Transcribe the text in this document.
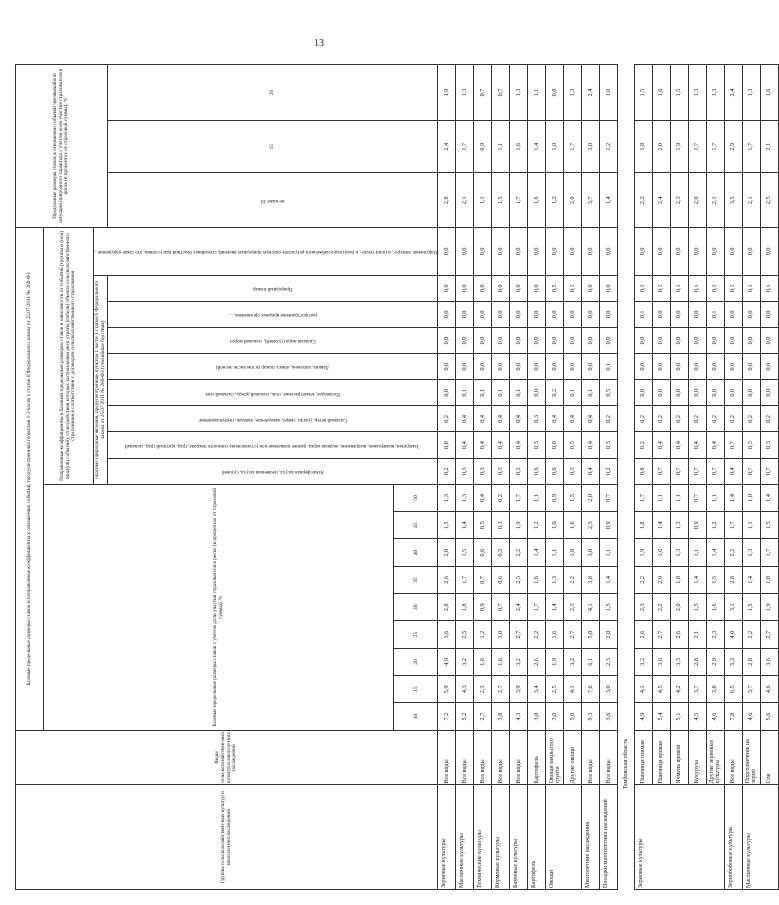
13
Группы сельскохозяйствен-ных культур и многолетних насаждений	Виды сельскохозяйствен-ных культур и многолетних насаждений	Базовые предельные размеры ставок и поправочные коэффициенты к отношению событий, предусмотренных пунктами 1-3 части 1 статьи 8 Федерального закона от 25.07.2011 № 260-ФЗ																		Предельные размеры ставок в отношении событий чрезвычайной ситуации природного характера с учетом доли участия страхователя в риске (в процентах от страховой суммы), %		
		Базовые предельные размеры ставок с учетом доли участия страхователя в риске (в процентах от страховой суммы), %									Поправочные коэффициенты к базовым предельным размерам ставок в зависимости от событий (группы и (или) вида(ов) событий), от воздействия которых застрахованы риск утраты (гибели) объекта сельскохозяйственного страхования в соответствии с договором сельскохозяйственного страхования											
											опасные природные явления, предусмотренные пунктом 1 части 1 статьи 8 Федерального закона от 25.07.2011 № 260-ФЗ (стихийные бедствия)								Нарушение электро-, и (или) тепло-, и (или) водоснабжения в результате опасных природных явлений, стихийных бедствий при условии, что такое нарушение...			

											Атмосферная засуха, почвенная засуха, суховей	Заморозки, вымерзание, выпревание, ледяная корка, раннее появление или установление снежного покрова, град, крупный град, сильный	Сильный ветер, ураган, смерч, наводнение, паводок, переувлажнение	Половодье, землетрясение, сель, сильный дождь, сильный снег	Лавина, оползень, обвал, пожар (в том числе лесной)	Сильная жара (суховей), сильный мороз	распространение вредных организмов, ...	Природный пожар		не ниже 10	15	20

		10	15	20	25	30	35	40	45	50												
Зерновые культуры	Все виды	7,2	5,9	4,9	3,6	2,8	2,6	2,0	1,5	1,3	0,2	0,8	0,2	0,0	0,0	0,0	0,0	0,0	0,0	2,8	2,4	1,9
Масличные культуры	Все виды	5,2	4,3	3,2	2,5	1,8	1,7	1,5	1,4	1,3	0,3	0,4	0,4	0,1	0,0	0,0	0,0	0,0	0,0	2,1	1,7	1,3
Технические культуры	Все виды	2,7	2,3	1,6	1,2	0,9	0,7	0,6	0,5	0,4	0,3	0,4	0,4	0,1	0,0	0,0	0,0	0,0	0,0	1,1	0,9	0,7
Кормовые культуры	Все виды	3,8	2,7	1,6	1,0	0,7	0,6	0,5	0,3	0,2	0,3	0,4	0,4	0,1	0,0	0,0	0,0	0,0	0,0	1,5	1,1	0,7
Бахчевые культуры	Все виды	4,3	3,9	3,2	2,7	2,4	2,3	2,2	1,9	1,7	0,3	0,4	0,4	0,1	0,0	0,0	0,0	0,0	0,0	1,7	1,6	1,3
Картофель	Картофель	3,0	3,4	2,6	2,2	1,7	1,6	1,4	1,2	1,1	0,6	0,3	0,3	0,0	0,0	0,0	0,0	0,0	0,0	1,6	1,4	1,1
Овощи	Овощи закрытого грунта	3,0	2,5	1,9	1,6	1,4	1,3	1,1	1,0	0,9	0,0	0,0	0,4	0,2	0,0	0,0	0,0	0,5	0,0	1,2	1,0	0,8
	Другие овощи	5,0	4,1	3,2	2,7	2,3	2,2	1,8	1,6	1,5	0,3	0,5	0,4	0,1	0,0	0,0	0,0	0,1	0,0	2,0	1,7	1,3
Многолетние насаждения	Все виды	9,3	7,6	6,1	5,0	4,1	3,8	3,0	2,3	2,0	0,4	0,4	0,4	0,1	0,0	0,0	0,0	0,0	0,0	3,7	3,0	2,4
Посадки многолетних насаждений	Все виды	3,6	3,0	2,3	2,0	1,5	1,4	1,1	0,9	0,7	0,2	0,3	0,2	0,5	0,1	0,0	0,0	0,0	0,0	1,4	1,2	1,0
Тамбовская область																						
Зерновые культуры	Пшеница озимая	4,9	4,1	3,2	2,6	2,3	2,2	1,9	1,8	1,7	0,8	0,2	0,2	0,0	0,0	0,0	0,1	0,1	0,0	2,2	1,8	1,5
	Пшеница яровая	5,4	4,5	3,6	2,7	2,2	2,0	1,6	1,4	1,1	0,7	0,4	0,2	0,0	0,0	0,0	0,0	0,1	0,0	2,4	2,0	1,6
	Ячмень яровой	5,1	4,2	3,3	2,6	2,0	1,8	1,3	1,3	1,1	0,7	0,4	0,2	0,0	0,0	0,0	0,0	0,1	0,0	2,3	1,9	1,5
	Кукуруза	4,5	3,7	2,8	2,1	1,5	1,4	1,1	0,9	0,7	0,7	0,4	0,2	0,0	0,0	0,0	0,0	0,1	0,0	2,0	1,7	1,3
	Другие зерновые культуры	4,6	3,8	2,9	2,3	1,6	1,5	1,4	1,2	1,1	0,7	0,4	0,2	0,0	0,0	0,0	0,1	0,1	0,0	2,1	1,7	1,3
Зернобобовые культуры	Все виды	7,8	6,5	5,3	4,0	3,1	2,8	2,2	1,7	1,4	0,4	0,7	0,2	0,0	0,0	0,0	0,0	0,1	0,0	3,5	2,9	2,4
Масличные культуры	Подсолнечник на зерно	4,6	3,7	2,8	2,2	1,5	1,4	1,3	1,1	1,0	0,7	0,3	0,2	0,0	0,0	0,0	0,0	0,1	0,0	2,1	1,7	1,3
	Соя	5,6	4,6	3,6	2,7	1,9	1,8	1,7	1,5	1,4	0,7	0,3	0,2	0,0	0,0	0,0	0,0	0,1	0,0	2,5	2,1	1,6
